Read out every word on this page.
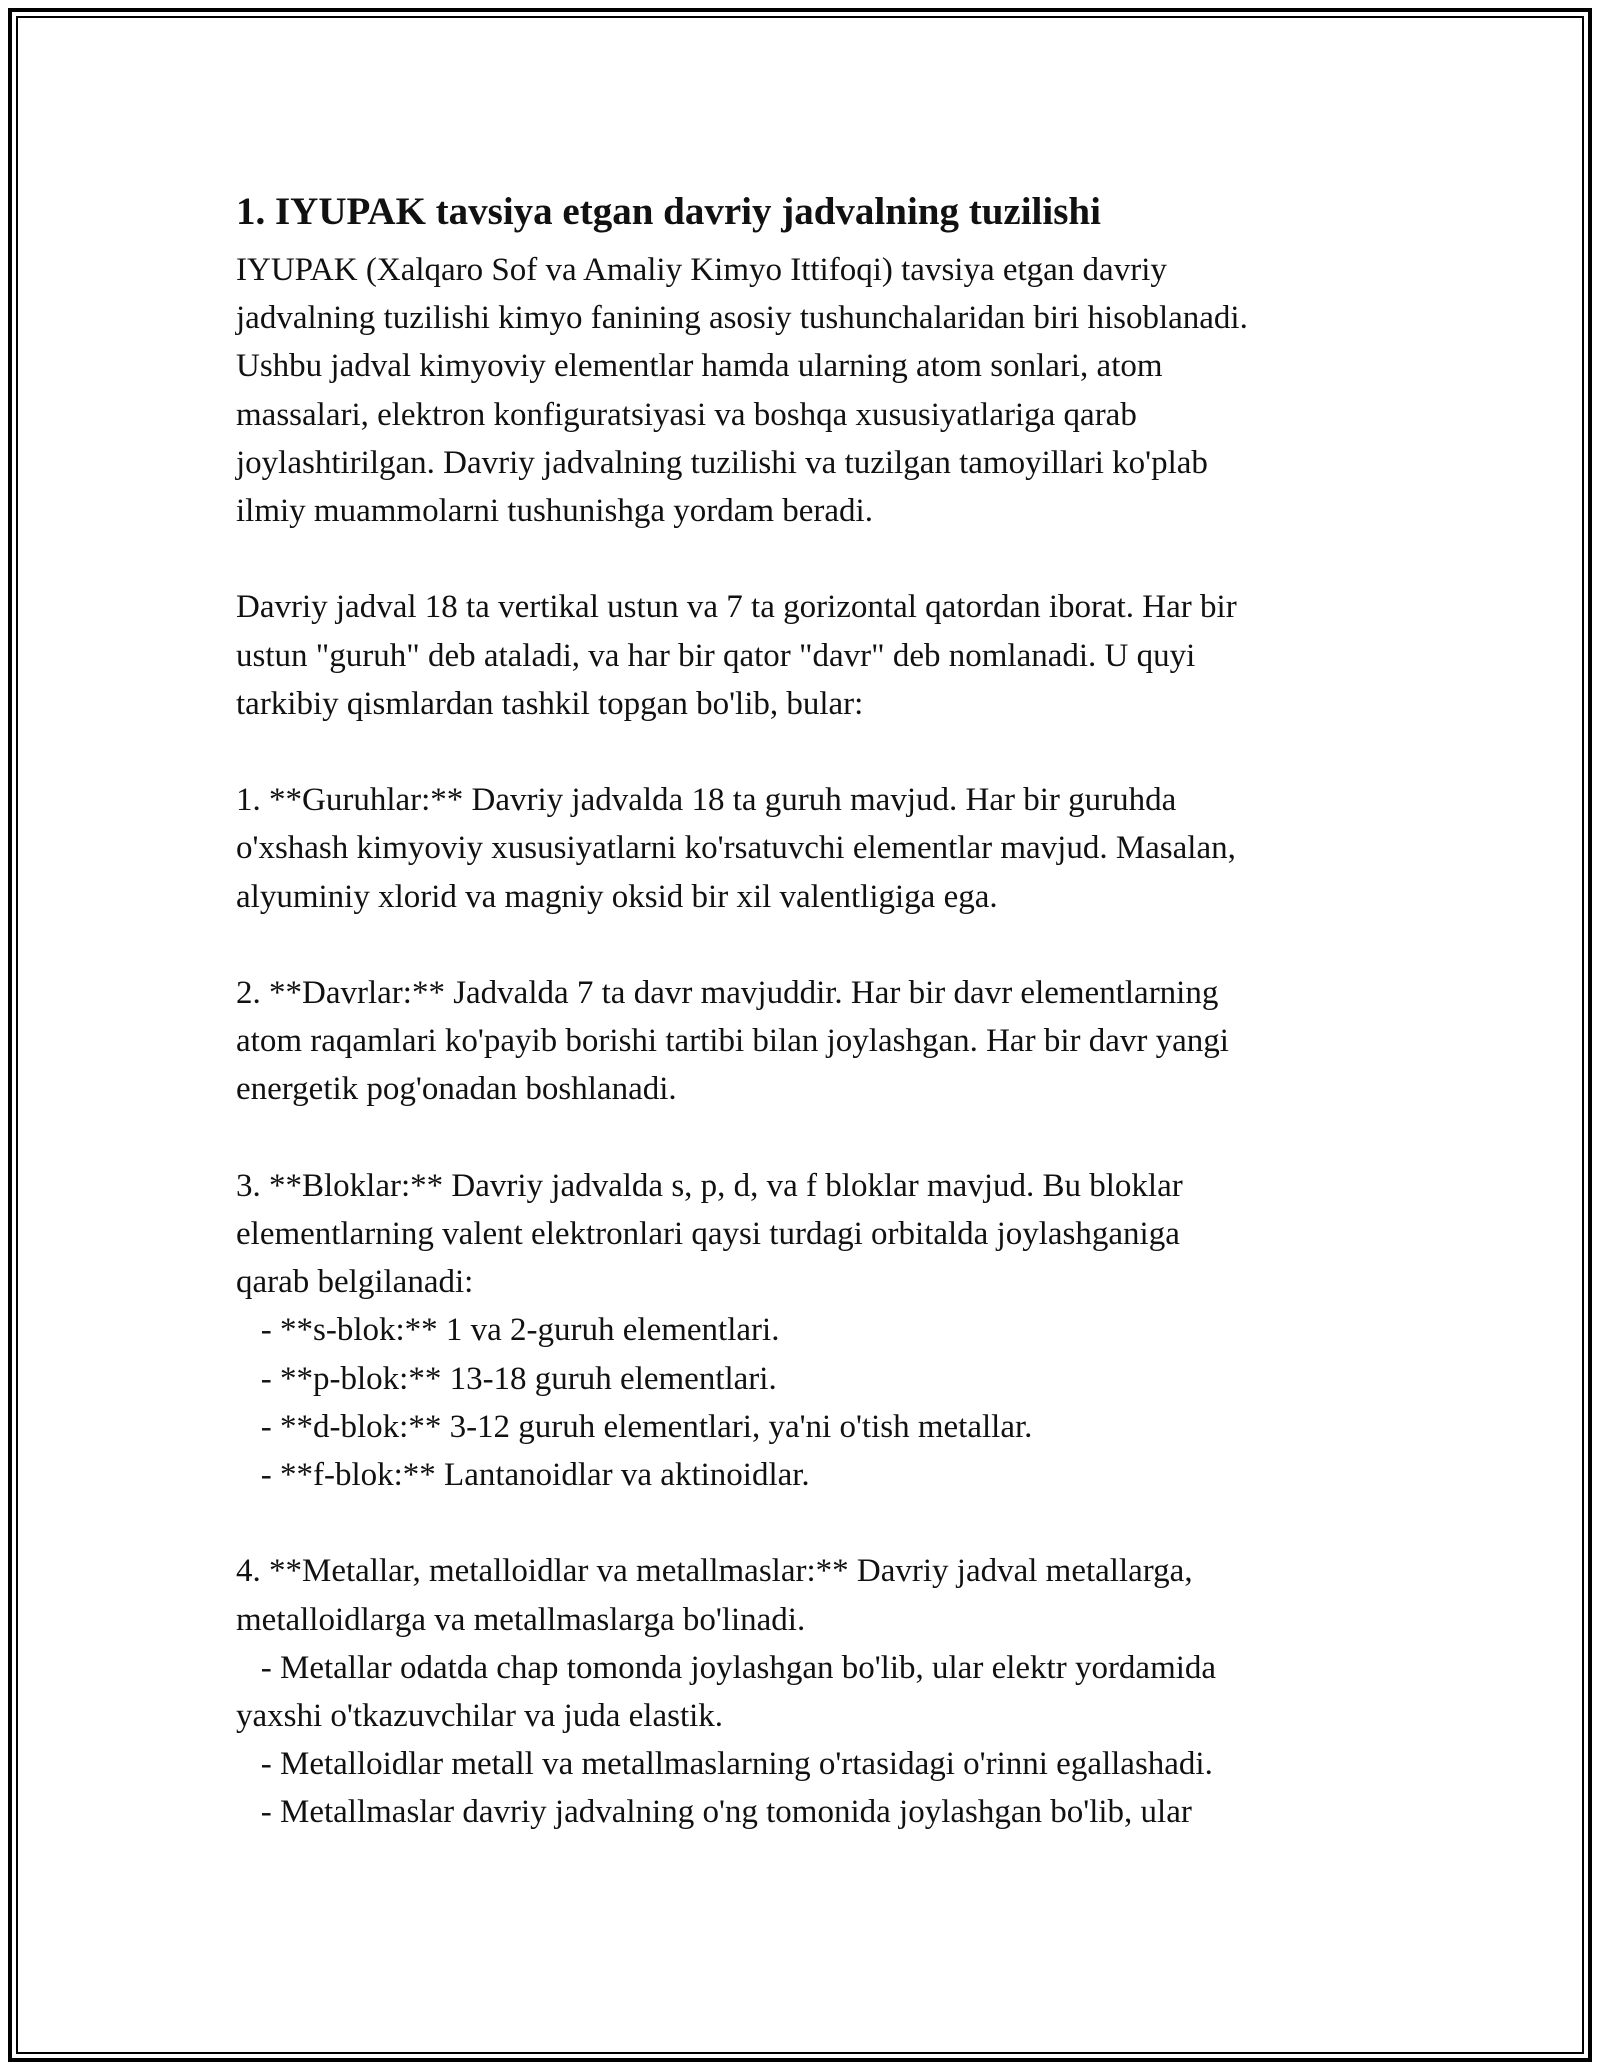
1. IYUPAK tavsiya etgan davriy jadvalning tuzilishi

IYUPAK (Xalqaro Sof va Amaliy Kimyo Ittifoqi) tavsiya etgan davriy
jadvalning tuzilishi kimyo fanining asosiy tushunchalaridan biri hisoblanadi.
Ushbu jadval kimyoviy elementlar hamda ularning atom sonlari, atom
massalari, elektron konfiguratsiyasi va boshqa xususiyatlariga qarab
joylashtirilgan. Davriy jadvalning tuzilishi va tuzilgan tamoyillari ko'plab
ilmiy muammolarni tushunishga yordam beradi.

Davriy jadval 18 ta vertikal ustun va 7 ta gorizontal qatordan iborat. Har bir
ustun "guruh" deb ataladi, va har bir qator "davr" deb nomlanadi. U quyi
tarkibiy qismlardan tashkil topgan bo'lib, bular:

1. **Guruhlar:** Davriy jadvalda 18 ta guruh mavjud. Har bir guruhda
o'xshash kimyoviy xususiyatlarni ko'rsatuvchi elementlar mavjud. Masalan,
alyuminiy xlorid va magniy oksid bir xil valentligiga ega.

2. **Davrlar:** Jadvalda 7 ta davr mavjuddir. Har bir davr elementlarning
atom raqamlari ko'payib borishi tartibi bilan joylashgan. Har bir davr yangi
energetik pog'onadan boshlanadi.

3. **Bloklar:** Davriy jadvalda s, p, d, va f bloklar mavjud. Bu bloklar
elementlarning valent elektronlari qaysi turdagi orbitalda joylashganiga
qarab belgilanadi:
- **s-blok:** 1 va 2-guruh elementlari.
- **p-blok:** 13-18 guruh elementlari.
- **d-blok:** 3-12 guruh elementlari, ya'ni o'tish metallar.
- **f-blok:** Lantanoidlar va aktinoidlar.

4. **Metallar, metalloidlar va metallmaslar:** Davriy jadval metallarga,
metalloidlarga va metallmaslarga bo'linadi.
- Metallar odatda chap tomonda joylashgan bo'lib, ular elektr yordamida
yaxshi o'tkazuvchilar va juda elastik.
- Metalloidlar metall va metallmaslarning o'rtasidagi o'rinni egallashadi.
- Metallmaslar davriy jadvalning o'ng tomonida joylashgan bo'lib, ular
